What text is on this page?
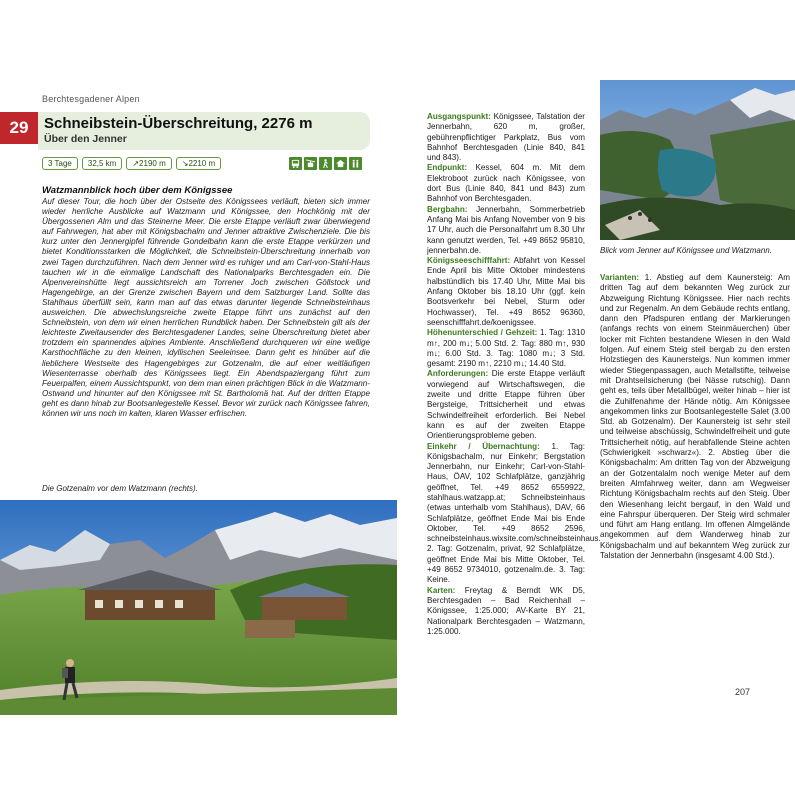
Berchtesgadener Alpen
29	Schneibstein-Überschreitung, 2276 m
Über den Jenner
3 Tage	32,5 km	↗2190 m	↘2210 m
Watzmannblick hoch über dem Königssee
Auf dieser Tour, die hoch über der Ostseite des Königssees verläuft, bieten sich immer wieder herrliche Ausblicke auf Watzmann und Königssee, den Hochkönig mit der Übergossenen Alm und das Steinerne Meer. Die erste Etappe verläuft zwar überwiegend auf Fahrwegen, hat aber mit Königsbachalm und Jenner attraktive Zwischenziele. Die bis kurz unter den Jennergipfel führende Gondelbahn kann die erste Etappe verkürzen und bietet Konditionsstarken die Möglichkeit, die Schneibstein-Überschreitung innerhalb von zwei Tagen durchzuführen. Nach dem Jenner wird es ruhiger und am Carl-von-Stahl-Haus tauchen wir in die einmalige Landschaft des Nationalparks Berchtesgaden ein. Die Alpenvereinshütte liegt aussichtsreich am Torrener Joch zwischen Göllstock und Hagengebirge, an der Grenze zwischen Bayern und dem Salzburger Land. Sollte das Stahlhaus überfüllt sein, kann man auf das etwas darunter liegende Schneibsteinhaus ausweichen. Die abwechslungsreiche zweite Etappe führt uns zunächst auf den Schneibstein, von dem wir einen herrlichen Rundblick haben. Der Schneibstein gilt als der leichteste Zweitausender des Berchtesgadener Landes, seine Überschreitung bietet aber trotzdem ein spannendes alpines Ambiente. Anschließend durchqueren wir eine wellige Karsthochfläche zu den kleinen, idyllischen Seeleinsee. Dann geht es hinüber auf die lieblichere Westseite des Hagengebirges zur Gotzenalm, die auf einer weitläufigen Wiesenterrasse oberhalb des Königssees liegt. Ein Abendspaziergang führt zum Feuerpalfen, einem Aussichtspunkt, von dem man einen prächtigen Blick in die Watzmann-Ostwand und hinunter auf den Königssee mit St. Bartholomä hat. Auf der dritten Etappe geht es dann hinab zur Bootsanlegestelle Kessel. Bevor wir zurück nach Königssee fahren, können wir uns noch im kalten, klaren Wasser erfrischen.
Die Gotzenalm vor dem Watzmann (rechts).
Blick vom Jenner auf Königssee und Watzmann.
Ausgangspunkt: Königssee, Talstation der Jennerbahn, 620 m, großer, gebührenpflichtiger Parkplatz, Bus vom Bahnhof Berchtesgaden (Linie 840, 841 und 843).
Endpunkt: Kessel, 604 m. Mit dem Elektroboot zurück nach Königssee, von dort Bus (Linie 840, 841 und 843) zum Bahnhof von Berchtesgaden.
Bergbahn: Jennerbahn, Sommerbetrieb Anfang Mai bis Anfang November von 9 bis 17 Uhr, auch die Personalfahrt um 8.30 Uhr kann genutzt werden, Tel. +49 8652 95810, jennerbahn.de.
Königsseeschifffahrt: Abfahrt von Kessel Ende April bis Mitte Oktober mindestens halbstündlich bis 17.40 Uhr, Mitte Mai bis Anfang Oktober bis 18.10 Uhr (ggf. kein Bootsverkehr bei Nebel, Sturm oder Hochwasser), Tel. +49 8652 96360, seenschifffahrt.de/koenigssee.
Höhenunterschied / Gehzeit: 1. Tag: 1310 m↑, 200 m↓; 5.00 Std. 2. Tag: 880 m↑, 930 m↓; 6.00 Std. 3. Tag: 1080 m↓; 3 Std. gesamt: 2190 m↑, 2210 m↓; 14.40 Std.
Anforderungen: Die erste Etappe verläuft vorwiegend auf Wirtschaftswegen, die zweite und dritte Etappe führen über Bergsteige, Trittsicherheit und etwas Schwindelfreiheit erforderlich. Bei Nebel kann es auf der zweiten Etappe Orientierungsprobleme geben.
Einkehr / Übernachtung: 1. Tag: Königsbachalm, nur Einkehr; Bergstation Jennerbahn, nur Einkehr; Carl-von-Stahl-Haus, ÖAV, 102 Schlafplätze, ganzjährig geöffnet, Tel. +49 8652 6559922, stahlhaus.watzapp.at; Schneibsteinhaus (etwas unterhalb vom Stahlhaus), DAV, 66 Schlafplätze, geöffnet Ende Mai bis Ende Oktober, Tel. +49 8652 2596, schneibsteinhaus.wixsite.com/schneibsteinhaus. 2. Tag: Gotzenalm, privat, 92 Schlafplätze, geöffnet Ende Mai bis Mitte Oktober, Tel. +49 8652 9734010, gotzenalm.de. 3. Tag: Keine.
Karten: Freytag & Berndt WK D5, Berchtesgaden – Bad Reichenhall – Königssee, 1:25.000; AV-Karte BY 21, Nationalpark Berchtesgaden – Watzmann, 1:25.000.
Varianten: 1. Abstieg auf dem Kaunersteig: Am dritten Tag auf dem bekannten Weg zurück zur Abzweigung Richtung Königssee. Hier nach rechts und zur Regenalm. An dem Gebäude rechts entlang, dann den Pfadspuren entlang der Markierungen (anfangs rechts von einem Steinmäuerchen) über locker mit Fichten bestandene Wiesen in den Wald folgen. Auf einem Steig steil bergab zu den ersten Holzstiegen des Kaunersteigs. Nun kommen immer wieder Stiegenpassagen, auch Metallstifte, teilweise mit Drahtseilsicherung (bei Nässe rutschig). Dann geht es, teils über Metallbügel, weiter hinab – hier ist die Zuhilfenahme der Hände nötig. Am Königssee angekommen links zur Bootsanlegestelle Salet (3.00 Std. ab Gotzenalm). Der Kaunersteig ist sehr steil und teilweise abschüssig, Schwindelfreiheit und gute Trittsicherheit nötig, auf herabfallende Steine achten (Schwierigkeit »schwarz«). 2. Abstieg über die Königsbachalm: Am dritten Tag von der Abzweigung an der Gotzentalalm noch wenige Meter auf dem breiten Almfahrweg weiter, dann am Wegweiser Richtung Königsbachalm rechts auf den Steig. Über den Wiesenhang leicht bergauf, in den Wald und eine Fahrspur überqueren. Der Steig wird schmaler und führt am Hang entlang. Im offenen Almgelände angekommen auf dem Wanderweg hinab zur Königsbachalm und auf bekanntem Weg zurück zur Talstation der Jennerbahn (insgesamt 4.00 Std.).
207
